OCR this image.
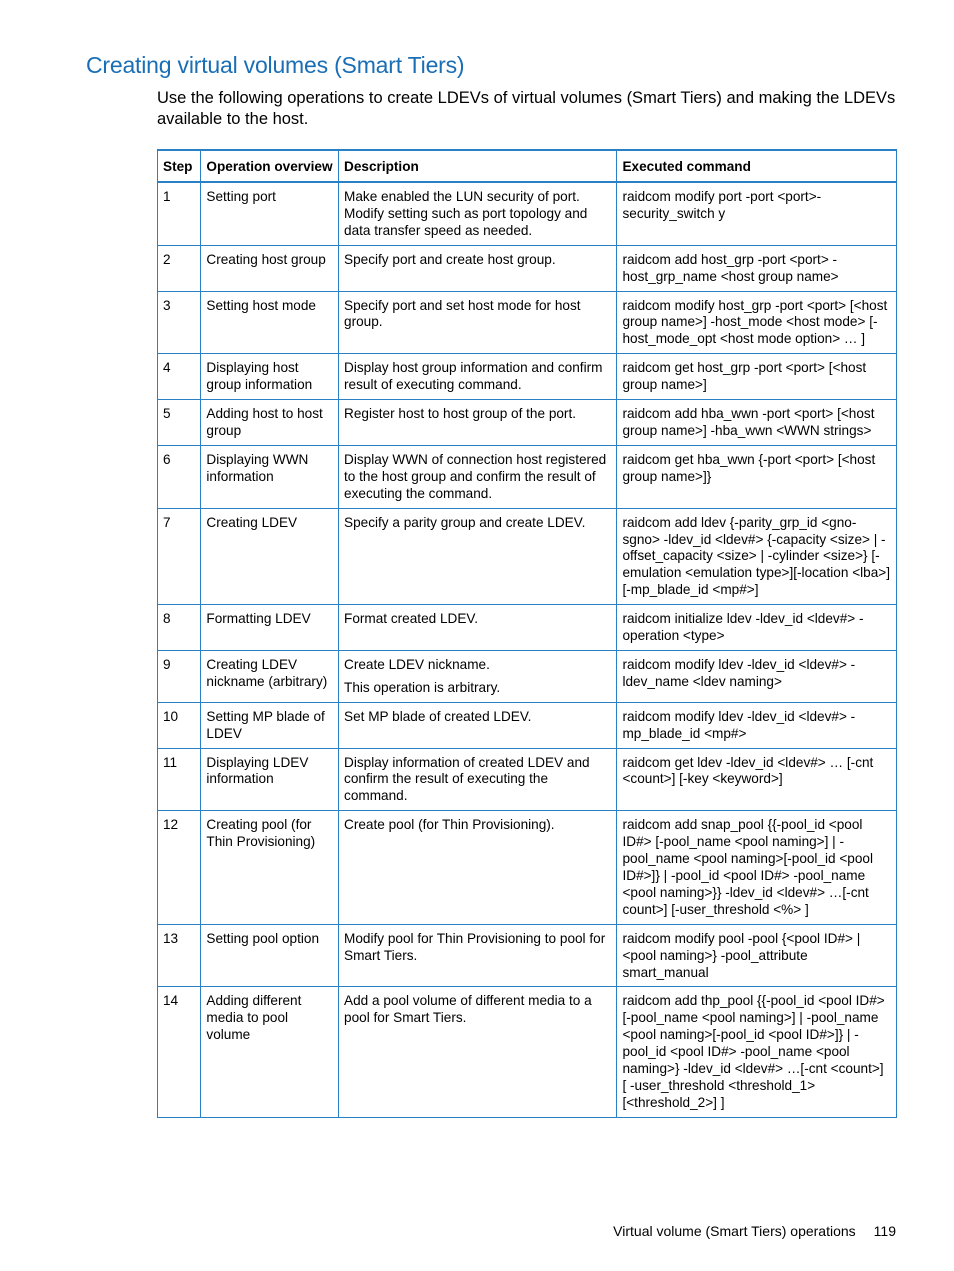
Creating virtual volumes (Smart Tiers)

Use the following operations to create LDEVs of virtual volumes (Smart Tiers) and making the LDEVs available to the host.

Step	Operation overview	Description	Executed command
1	Setting port	Make enabled the LUN security of port. Modify setting such as port topology and data transfer speed as needed.	raidcom modify port -port <port>-security_switch y
2	Creating host group	Specify port and create host group.	raidcom add host_grp -port <port> -host_grp_name <host group name>
3	Setting host mode	Specify port and set host mode for host group.	raidcom modify host_grp -port <port> [<host group name>] -host_mode <host mode> [-host_mode_opt <host mode option> … ]
4	Displaying host group information	Display host group information and confirm result of executing command.	raidcom get host_grp -port <port> [<host group name>]
5	Adding host to host group	Register host to host group of the port.	raidcom add hba_wwn -port <port> [<host group name>] -hba_wwn <WWN strings>
6	Displaying WWN information	Display WWN of connection host registered to the host group and confirm the result of executing the command.	raidcom get hba_wwn {-port <port> [<host group name>]}
7	Creating LDEV	Specify a parity group and create LDEV.	raidcom add ldev {-parity_grp_id <gno-sgno> -ldev_id <ldev#> {-capacity <size> | -offset_capacity <size> | -cylinder <size>} [-emulation <emulation type>][-location <lba>] [-mp_blade_id <mp#>]
8	Formatting LDEV	Format created LDEV.	raidcom initialize ldev -ldev_id <ldev#> -operation <type>
9	Creating LDEV nickname (arbitrary)	Create LDEV nickname.
This operation is arbitrary.	raidcom modify ldev -ldev_id <ldev#> -ldev_name <ldev naming>
10	Setting MP blade of LDEV	Set MP blade of created LDEV.	raidcom modify ldev -ldev_id <ldev#> -mp_blade_id <mp#>
11	Displaying LDEV information	Display information of created LDEV and confirm the result of executing the command.	raidcom get ldev -ldev_id <ldev#> … [-cnt <count>] [-key <keyword>]
12	Creating pool (for Thin Provisioning)	Create pool (for Thin Provisioning).	raidcom add snap_pool {{-pool_id <pool ID#> [-pool_name <pool naming>] | -pool_name <pool naming>[-pool_id <pool ID#>]} | -pool_id <pool ID#> -pool_name <pool naming>}} -ldev_id <ldev#> …[-cnt count>] [-user_threshold <%> ]
13	Setting pool option	Modify pool for Thin Provisioning to pool for Smart Tiers.	raidcom modify pool -pool {<pool ID#> | <pool naming>} -pool_attribute smart_manual
14	Adding different media to pool volume	Add a pool volume of different media to a pool for Smart Tiers.	raidcom add thp_pool {{-pool_id <pool ID#> [-pool_name <pool naming>] | -pool_name <pool naming>[-pool_id <pool ID#>]} | -pool_id <pool ID#> -pool_name <pool naming>} -ldev_id <ldev#> …[-cnt <count>] [ -user_threshold <threshold_1> [<threshold_2>] ]
Virtual volume (Smart Tiers) operations 119
